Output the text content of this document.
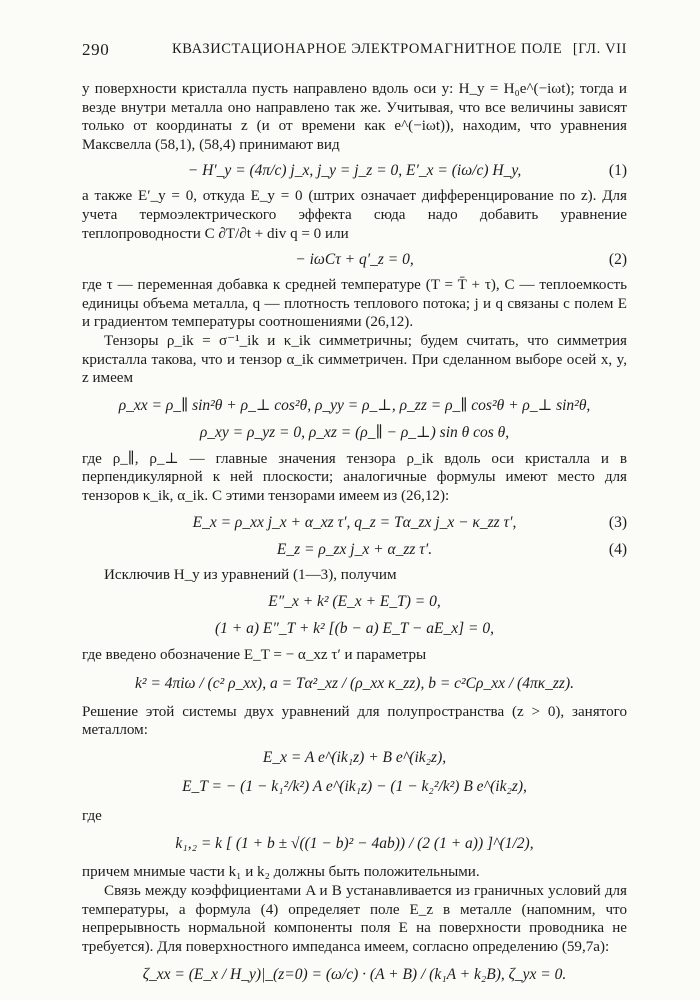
290	КВАЗИСТАЦИОНАРНОЕ ЭЛЕКТРОМАГНИТНОЕ ПОЛЕ [ГЛ. VII

у поверхности кристалла пусть направлено вдоль оси y: H_y = H₀e^(−iωt); тогда и везде внутри металла оно направлено так же. Учитывая, что все величины зависят только от координаты z (и от времени как e^(−iωt)), находим, что уравнения Максвелла (58,1), (58,4) принимают вид

− H′_y = (4π/c) j_x, j_y = j_z = 0, E′_x = (iω/c) H_y,	(1)

а также E′_y = 0, откуда E_y = 0 (штрих означает дифференцирование по z). Для учета термоэлектрического эффекта сюда надо добавить уравнение теплопроводности C ∂T/∂t + div q = 0 или

− iωCτ + q′_z = 0,	(2)

где τ — переменная добавка к средней температуре (T = T̄ + τ), C — теплоемкость единицы объема металла, q — плотность теплового потока; j и q связаны с полем E и градиентом температуры соотношениями (26,12).

Тензоры ρ_ik = σ⁻¹_ik и κ_ik симметричны; будем считать, что симметрия кристалла такова, что и тензор α_ik симметричен. При сделанном выборе осей x, y, z имеем

ρ_xx = ρ_∥ sin²θ + ρ_⊥ cos²θ, ρ_yy = ρ_⊥, ρ_zz = ρ_∥ cos²θ + ρ_⊥ sin²θ,
ρ_xy = ρ_yz = 0, ρ_xz = (ρ_∥ − ρ_⊥) sin θ cos θ,

где ρ_∥, ρ_⊥ — главные значения тензора ρ_ik вдоль оси кристалла и в перпендикулярной к ней плоскости; аналогичные формулы имеют место для тензоров κ_ik, α_ik. С этими тензорами имеем из (26,12):

E_x = ρ_xx j_x + α_xz τ′, q_z = Tα_zx j_x − κ_zz τ′,	(3)
E_z = ρ_zx j_x + α_zz τ′.	(4)

Исключив H_y из уравнений (1—3), получим

E″_x + k² (E_x + E_T) = 0,
(1 + a) E″_T + k² [(b − a) E_T − aE_x] = 0,

где введено обозначение E_T = − α_xz τ′ и параметры

k² = 4πiω / (c² ρ_xx), a = Tα²_xz / (ρ_xx κ_zz), b = c²Cρ_xx / (4πκ_zz).

Решение этой системы двух уравнений для полупространства (z > 0), занятого металлом:

E_x = A e^(ik₁z) + B e^(ik₂z),
E_T = − (1 − k₁²/k²) A e^(ik₁z) − (1 − k₂²/k²) B e^(ik₂z),

где

k₁,₂ = k [ (1 + b ± √((1 − b)² − 4ab)) / (2 (1 + a)) ]^(1/2),

причем мнимые части k₁ и k₂ должны быть положительными.

Связь между коэффициентами A и B устанавливается из граничных условий для температуры, а формула (4) определяет поле E_z в металле (напомним, что непрерывность нормальной компоненты поля E на поверхности проводника не требуется). Для поверхностного импеданса имеем, согласно определению (59,7а):

ζ_xx = (E_x / H_y)|_(z=0) = (ω/c) · (A + B) / (k₁A + k₂B), ζ_yx = 0.
